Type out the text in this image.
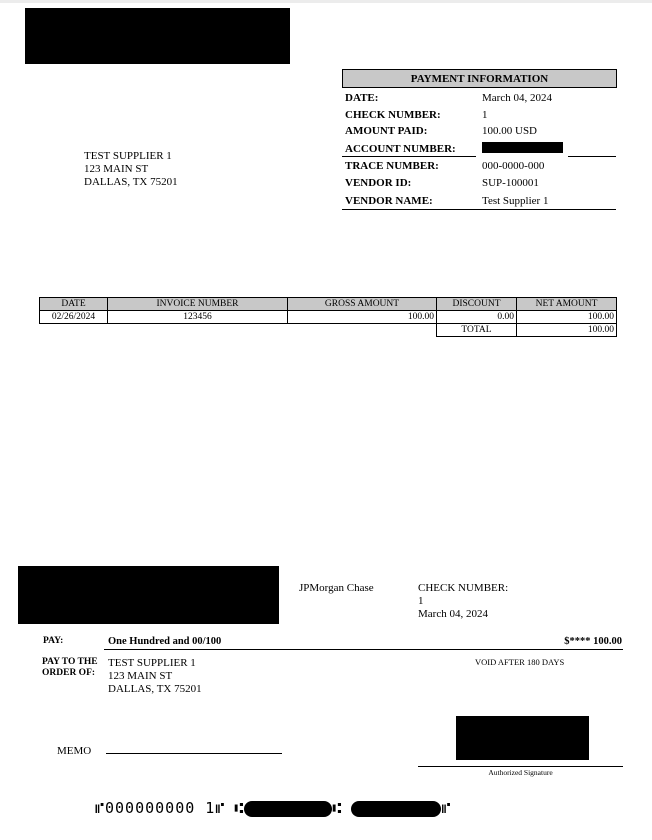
PAYMENT INFORMATION
DATE:	March 04, 2024
CHECK NUMBER:	1
AMOUNT PAID:	100.00 USD
ACCOUNT NUMBER:
TRACE NUMBER:	000-0000-000
VENDOR ID:	SUP-100001
VENDOR NAME:	Test Supplier 1
TEST SUPPLIER 1
123 MAIN ST
DALLAS, TX 75201
DATE	INVOICE NUMBER	GROSS AMOUNT	DISCOUNT	NET AMOUNT
02/26/2024	123456	100.00	0.00	100.00
			TOTAL	100.00
JPMorgan Chase	CHECK NUMBER:
1
March 04, 2024
PAY:	One Hundred and 00/100	$**** 100.00
PAY TO THE
ORDER OF:
TEST SUPPLIER 1
123 MAIN ST
DALLAS, TX 75201
VOID AFTER 180 DAYS
MEMO
Authorized Signature
⑈000000000 1⑈ ⑆	⑆	⑈
